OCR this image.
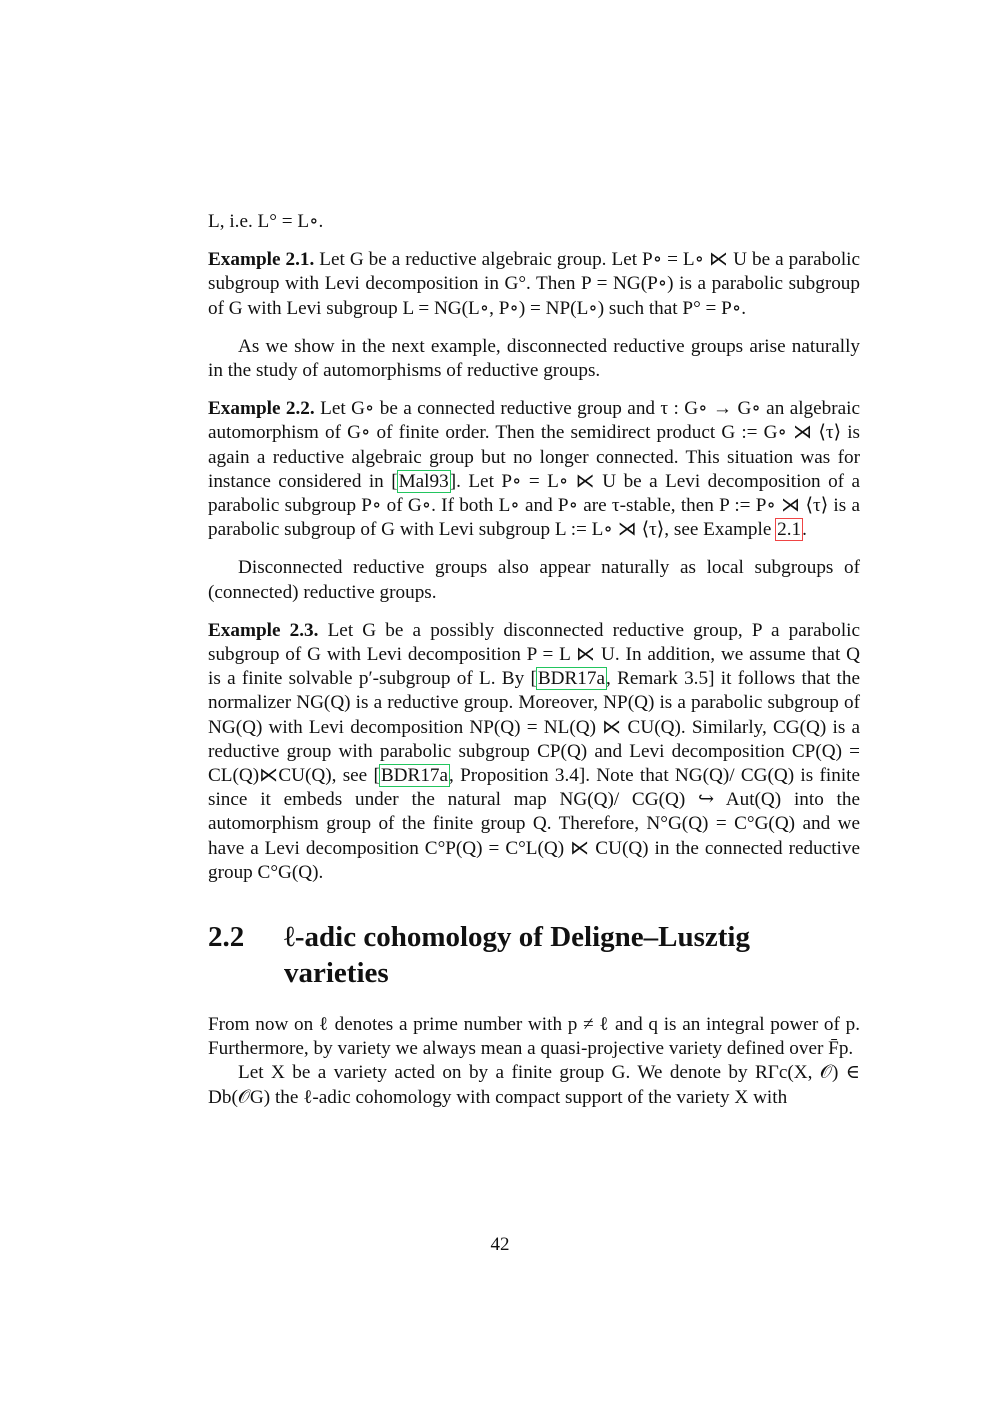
L, i.e. L° = L∘.

Example 2.1. Let G be a reductive algebraic group. Let P∘ = L∘ ⋉ U be a parabolic subgroup with Levi decomposition in G°. Then P = NG(P∘) is a parabolic subgroup of G with Levi subgroup L = NG(L∘, P∘) = NP(L∘) such that P° = P∘.

As we show in the next example, disconnected reductive groups arise naturally in the study of automorphisms of reductive groups.

Example 2.2. Let G∘ be a connected reductive group and τ : G∘ → G∘ an algebraic automorphism of G∘ of finite order. Then the semidirect product G := G∘ ⋊ ⟨τ⟩ is again a reductive algebraic group but no longer connected. This situation was for instance considered in [Mal93]. Let P∘ = L∘ ⋉ U be a Levi decomposition of a parabolic subgroup P∘ of G∘. If both L∘ and P∘ are τ-stable, then P := P∘ ⋊ ⟨τ⟩ is a parabolic subgroup of G with Levi subgroup L := L∘ ⋊ ⟨τ⟩, see Example 2.1.

Disconnected reductive groups also appear naturally as local subgroups of (connected) reductive groups.

Example 2.3. Let G be a possibly disconnected reductive group, P a parabolic subgroup of G with Levi decomposition P = L ⋉ U. In addition, we assume that Q is a finite solvable p′-subgroup of L. By [BDR17a, Remark 3.5] it follows that the normalizer NG(Q) is a reductive group. Moreover, NP(Q) is a parabolic subgroup of NG(Q) with Levi decomposition NP(Q) = NL(Q) ⋉ CU(Q). Similarly, CG(Q) is a reductive group with parabolic subgroup CP(Q) and Levi decomposition CP(Q) = CL(Q)⋉CU(Q), see [BDR17a, Proposition 3.4]. Note that NG(Q)/ CG(Q) is finite since it embeds under the natural map NG(Q)/ CG(Q) ↪ Aut(Q) into the automorphism group of the finite group Q. Therefore, N°G(Q) = C°G(Q) and we have a Levi decomposition C°P(Q) = C°L(Q) ⋉ CU(Q) in the connected reductive group C°G(Q).

2.2	ℓ-adic cohomology of Deligne–Lusztig varieties

From now on ℓ denotes a prime number with p ≠ ℓ and q is an integral power of p. Furthermore, by variety we always mean a quasi-projective variety defined over F̄p.

Let X be a variety acted on by a finite group G. We denote by RΓc(X, 𝒪) ∈ Db(𝒪G) the ℓ-adic cohomology with compact support of the variety X with

42
